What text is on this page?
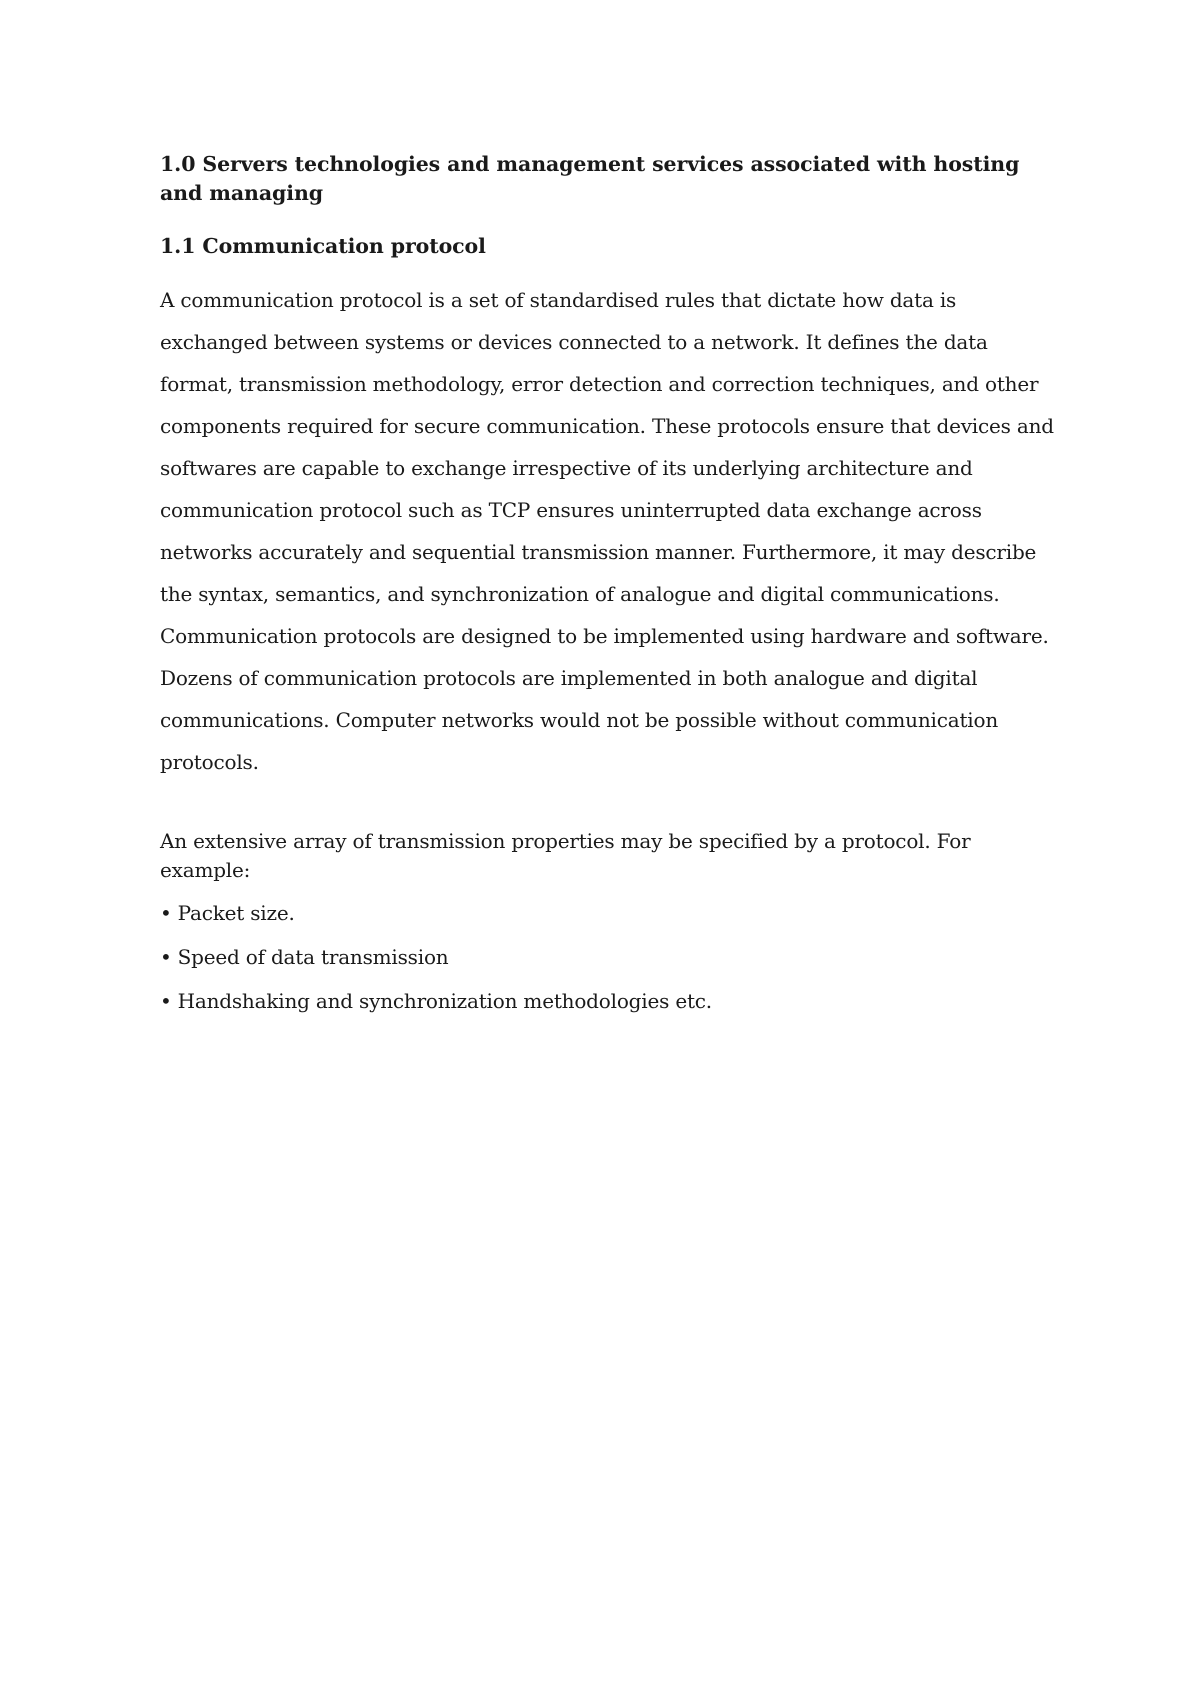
1.0 Servers technologies and management services associated with hosting and managing

1.1 Communication protocol

A communication protocol is a set of standardised rules that dictate how data is exchanged between systems or devices connected to a network. It defines the data format, transmission methodology, error detection and correction techniques, and other components required for secure communication. These protocols ensure that devices and softwares are capable to exchange irrespective of its underlying architecture and communication protocol such as TCP ensures uninterrupted data exchange across networks accurately and sequential transmission manner. Furthermore, it may describe the syntax, semantics, and synchronization of analogue and digital communications. Communication protocols are designed to be implemented using hardware and software. Dozens of communication protocols are implemented in both analogue and digital communications. Computer networks would not be possible without communication protocols.

An extensive array of transmission properties may be specified by a protocol. For example:

• Packet size.
• Speed of data transmission
• Handshaking and synchronization methodologies etc.
